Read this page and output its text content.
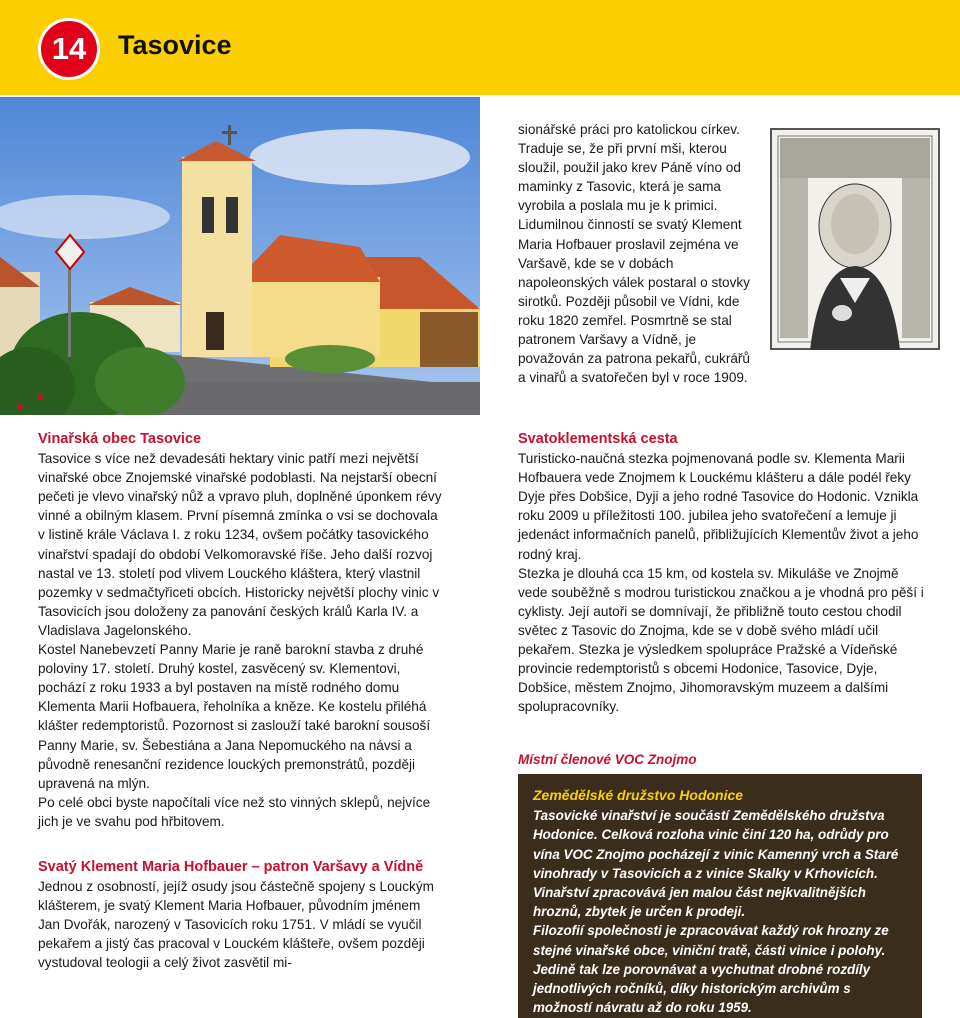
14	Tasovice

Vinařská obec Tasovice

Tasovice s více než devadesáti hektary vinic patří mezi největší vinařské obce Znojemské vinařské podoblasti. Na nejstarší obecní pečeti je vlevo vinařský nůž a vpravo pluh, doplněné úponkem révy vinné a obilným klasem. První písemná zmínka o vsi se dochovala v listině krále Václava I. z roku 1234, ovšem počátky tasovického vinařství spadají do období Velkomoravské říše. Jeho další rozvoj nastal ve 13. století pod vlivem Louckého kláštera, který vlastnil pozemky v sedmačtyřiceti obcích. Historicky největší plochy vinic v Tasovicích jsou doloženy za panování českých králů Karla IV. a Vladislava Jagelonského.

Kostel Nanebevzetí Panny Marie je raně barokní stavba z druhé poloviny 17. století. Druhý kostel, zasvěcený sv. Klementovi, pochází z roku 1933 a byl postaven na místě rodného domu Klementa Marii Hofbauera, řeholníka a kněze. Ke kostelu přiléhá klášter redemptoristů. Pozornost si zaslouží také barokní sousoší Panny Marie, sv. Šebestiána a Jana Nepomuckého na návsi a původně renesanční rezidence louckých premonstrátů, později upravená na mlýn.

Po celé obci byste napočítali více než sto vinných sklepů, nejvíce jich je ve svahu pod hřbitovem.

Svatý Klement Maria Hofbauer – patron Varšavy a Vídně

Jednou z osobností, jejíž osudy jsou částečně spojeny s Louckým klášterem, je svatý Klement Maria Hofbauer, původním jménem Jan Dvořák, narozený v Tasovicích roku 1751. V mládí se vyučil pekařem a jistý čas pracoval v Louckém klášteře, ovšem později vystudoval teologii a celý život zasvětil mi-

sionářské práci pro katolickou církev. Traduje se, že při první mši, kterou sloužil, použil jako krev Páně víno od maminky z Tasovic, která je sama vyrobila a poslala mu je k primici. Lidumilnou činností se svatý Klement Maria Hofbauer proslavil zejména ve Varšavě, kde se v dobách napoleonských válek postaral o stovky sirotků. Později působil ve Vídni, kde roku 1820 zemřel. Posmrtně se stal patronem Varšavy a Vídně, je považován za patrona pekařů, cukrářů a vinařů a svatořečen byl v roce 1909.

Svatoklementská cesta

Turisticko-naučná stezka pojmenovaná podle sv. Klementa Marii Hofbauera vede Znojmem k Louckému klášteru a dále podél řeky Dyje přes Dobšice, Dyji a jeho rodné Tasovice do Hodonic. Vznikla roku 2009 u příležitosti 100. jubilea jeho svatořečení a lemuje ji jedenáct informačních panelů, přibližujících Klementův život a jeho rodný kraj.

Stezka je dlouhá cca 15 km, od kostela sv. Mikuláše ve Znojmě vede souběžně s modrou turistickou značkou a je vhodná pro pěší i cyklisty. Její autoři se domnívají, že přibližně touto cestou chodil světec z Tasovic do Znojma, kde se v době svého mládí učil pekařem. Stezka je výsledkem spolupráce Pražské a Vídeňské provincie redemptoristů s obcemi Hodonice, Tasovice, Dyje, Dobšice, městem Znojmo, Jihomoravským muzeem a dalšími spolupracovníky.

Místní členové VOC Znojmo

Zemědělské družstvo Hodonice

Tasovické vinařství je součástí Zemědělského družstva Hodonice. Celková rozloha vinic činí 120 ha, odrůdy pro vína VOC Znojmo pocházejí z vinic Kamenný vrch a Staré vinohrady v Tasovicích a z vinice Skalky v Krhovicích. Vinařství zpracovává jen malou část nejkvalitnějších hroznů, zbytek je určen k prodeji.

Filozofií společnosti je zpracovávat každý rok hrozny ze stejné vinařské obce, viniční tratě, části vinice i polohy. Jedině tak lze porovnávat a vychutnat drobné rozdíly jednotlivých ročníků, díky historickým archivům s možností návratu až do roku 1959.
